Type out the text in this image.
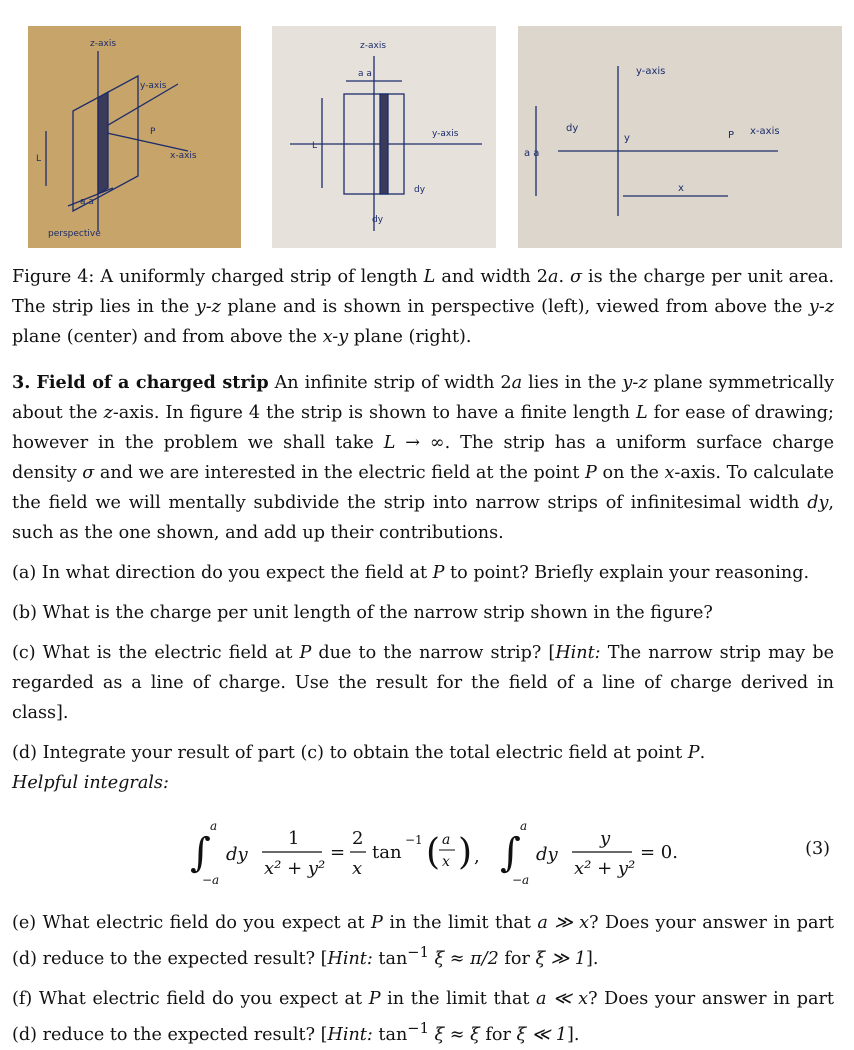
z-axis
y-axis
x-axis
P
L
a a
perspective
z-axis
y-axis
L
a a
dy
dy
y-axis
x-axis
P
a a
dy
y
x

Figure 4: A uniformly charged strip of length L and width 2a. σ is the charge per unit area. The strip lies in the y-z plane and is shown in perspective (left), viewed from above the y-z plane (center) and from above the x-y plane (right).

3. Field of a charged strip An infinite strip of width 2a lies in the y-z plane symmetrically about the z-axis. In figure 4 the strip is shown to have a finite length L for ease of drawing; however in the problem we shall take L → ∞. The strip has a uniform surface charge density σ and we are interested in the electric field at the point P on the x-axis. To calculate the field we will mentally subdivide the strip into narrow strips of infinitesimal width dy, such as the one shown, and add up their contributions.

(a) In what direction do you expect the field at P to point? Briefly explain your reasoning.

(b) What is the charge per unit length of the narrow strip shown in the figure?

(c) What is the electric field at P due to the narrow strip? [Hint: The narrow strip may be regarded as a line of charge. Use the result for the field of a line of charge derived in class].

(d) Integrate your result of part (c) to obtain the total electric field at point P.

Helpful integrals:

∫
a
−a
dy
1
x² + y²
=
2
x
tan
−1 ( a
x ) , ∫
a
−a
dy
y
x² + y²
= 0.	(3)

(e) What electric field do you expect at P in the limit that a ≫ x? Does your answer in part (d) reduce to the expected result? [Hint: $\tan^{-1} \xi \approx \pi/2$ for ξ ≫ 1].

(f) What electric field do you expect at P in the limit that a ≪ x? Does your answer in part (d) reduce to the expected result? [Hint: $\tan^{-1} \xi \approx \xi$ for ξ ≪ 1].
